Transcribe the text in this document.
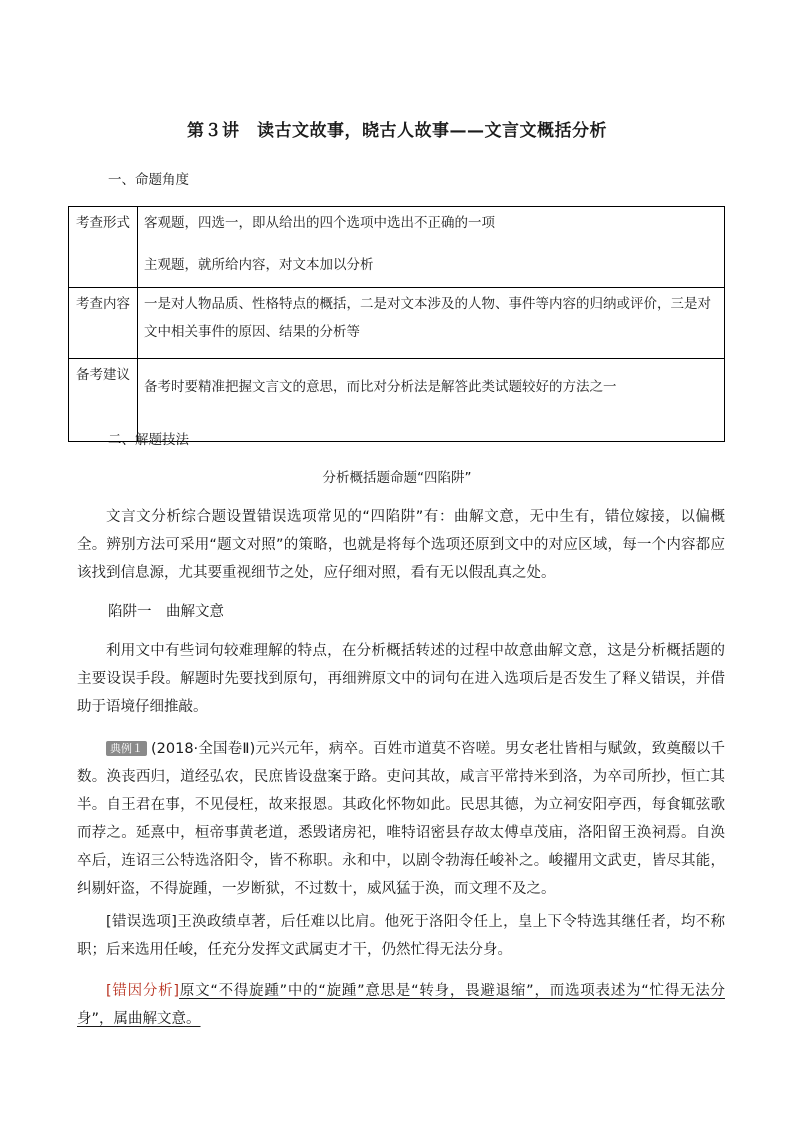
第３讲　读古文故事，晓古人故事——文言文概括分析
一、命题角度
考查形式	客观题，四选一，即从给出的四个选项中选出不正确的一项
主观题，就所给内容，对文本加以分析

考查内容	一是对人物品质、性格特点的概括，二是对文本涉及的人物、事件等内容的归纳或评价，三是对文中相关事件的原因、结果的分析等
备考建议	备考时要精准把握文言文的意思，而比对分析法是解答此类试题较好的方法之一
二、解题技法
分析概括题命题“四陷阱”
文言文分析综合题设置错误选项常见的“四陷阱”有：曲解文意，无中生有，错位嫁接，以偏概全。辨别方法可采用“题文对照”的策略，也就是将每个选项还原到文中的对应区域，每一个内容都应该找到信息源，尤其要重视细节之处，应仔细对照，看有无以假乱真之处。
陷阱一　曲解文意
利用文中有些词句较难理解的特点，在分析概括转述的过程中故意曲解文意，这是分析概括题的主要设误手段。解题时先要找到原句，再细辨原文中的词句在进入选项后是否发生了释义错误，并借助于语境仔细推敲。
典例１ (2018·全国卷Ⅱ)元兴元年，病卒。百姓市道莫不咨嗟。男女老壮皆相与赋敛，致奠醊以千数。涣丧西归，道经弘农，民庶皆设盘案于路。吏问其故，咸言平常持米到洛，为卒司所抄，恒亡其半。自王君在事，不见侵枉，故来报恩。其政化怀物如此。民思其德，为立祠安阳亭西，每食辄弦歌而荐之。延熹中，桓帝事黄老道，悉毁诸房祀，唯特诏密县存故太傅卓茂庙，洛阳留王涣祠焉。自涣卒后，连诏三公特选洛阳令，皆不称职。永和中，以剧令勃海任峻补之。峻擢用文武吏，皆尽其能，纠剔奸盗，不得旋踵，一岁断狱，不过数十，威风猛于涣，而文理不及之。
[错误选项]王涣政绩卓著，后任难以比肩。他死于洛阳令任上，皇上下令特选其继任者，均不称职；后来选用任峻，任充分发挥文武属吏才干，仍然忙得无法分身。
[错因分析]原文“不得旋踵”中的“旋踵”意思是“转身，畏避退缩”，而选项表述为“忙得无法分身”，属曲解文意。
